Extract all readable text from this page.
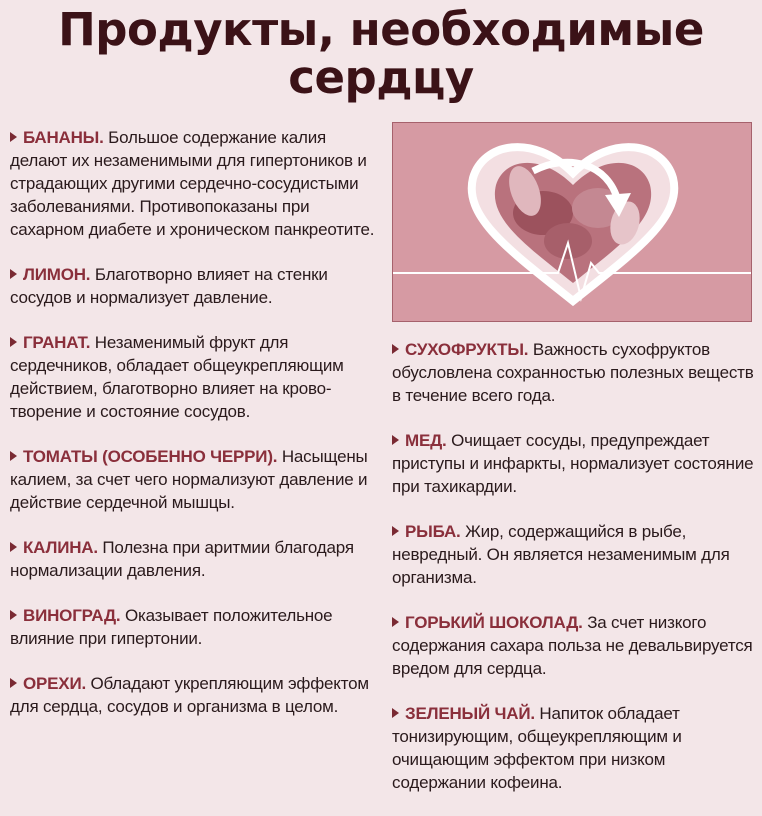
Продукты, необходимые сердцу
БАНАНЫ. Большое содержание калия делают их незаменимыми для гипертоников и страдающих другими сердечно-сосудистыми заболеваниями. Противопоказаны при сахарном диабете и хроническом панкреотите.
ЛИМОН. Благотворно влияет на стенки сосудов и нормализует давление.
ГРАНАТ. Незаменимый фрукт для сердечников, обладает общеукрепляющим действием, благотворно влияет на крово-творение и состояние сосудов.
ТОМАТЫ (ОСОБЕННО ЧЕРРИ). Насыщены калием, за счет чего нормализуют давление и действие сердечной мышцы.
КАЛИНА. Полезна при аритмии благодаря нормализации давления.
ВИНОГРАД. Оказывает положительное влияние при гипертонии.
ОРЕХИ. Обладают укрепляющим эффектом для сердца, сосудов и организма в целом.
СУХОФРУКТЫ. Важность сухофруктов обусловлена сохранностью полезных веществ в течение всего года.
МЕД. Очищает сосуды, предупреждает приступы и инфаркты, нормализует состояние при тахикардии.
РЫБА. Жир, содержащийся в рыбе, невредный. Он является незаменимым для организма.
ГОРЬКИЙ ШОКОЛАД. За счет низкого содержания сахара польза не девальвируется вредом для сердца.
ЗЕЛЕНЫЙ ЧАЙ. Напиток обладает тонизирующим, общеукрепляющим и очищающим эффектом при низком содержании кофеина.
